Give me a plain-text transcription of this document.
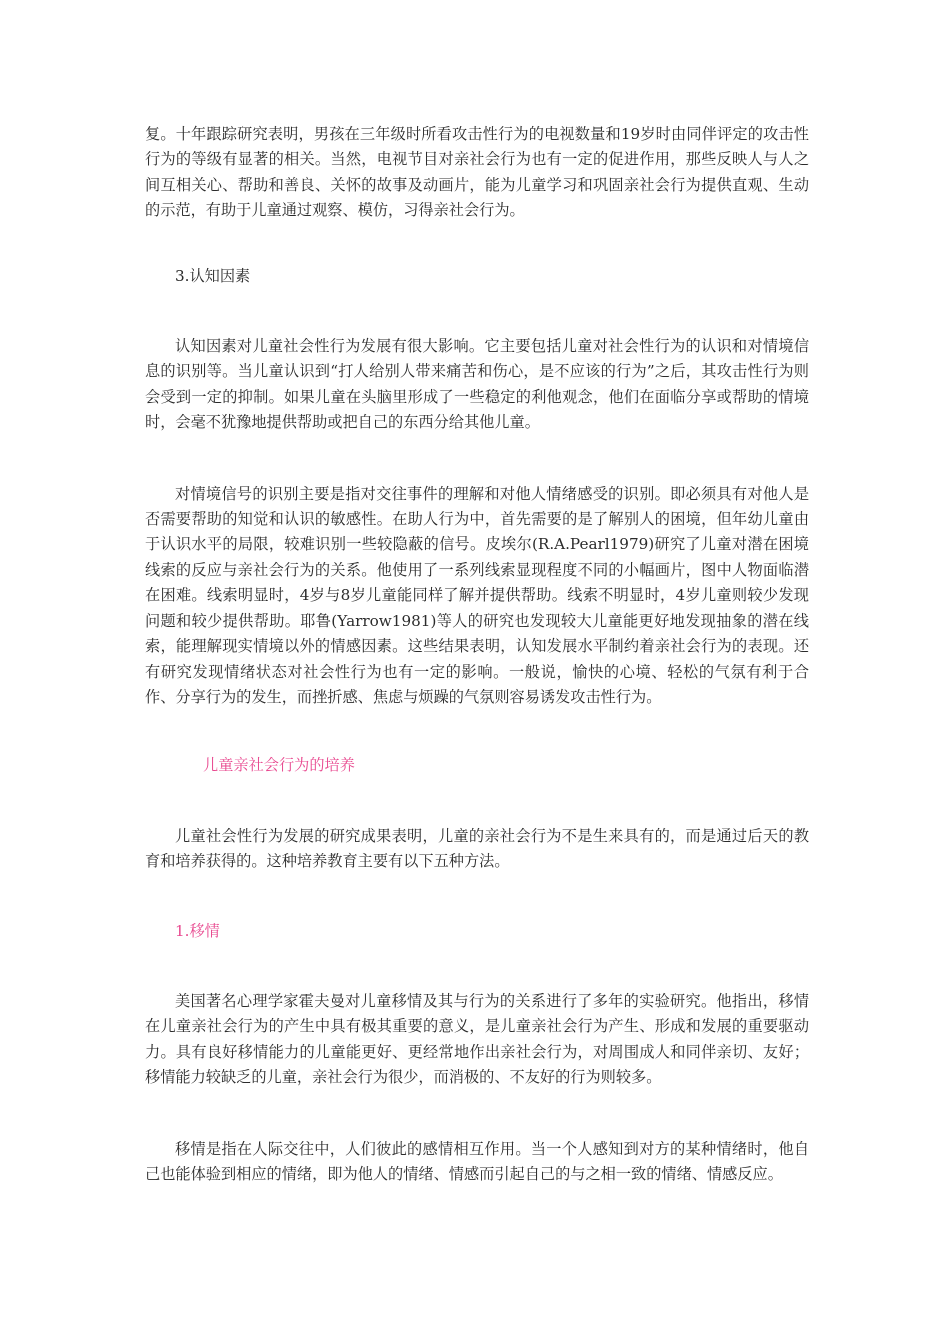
复。十年跟踪研究表明，男孩在三年级时所看攻击性行为的电视数量和19岁时由同伴评定的攻击性行为的等级有显著的相关。当然，电视节目对亲社会行为也有一定的促进作用，那些反映人与人之间互相关心、帮助和善良、关怀的故事及动画片，能为儿童学习和巩固亲社会行为提供直观、生动的示范，有助于儿童通过观察、模仿，习得亲社会行为。

3.认知因素

认知因素对儿童社会性行为发展有很大影响。它主要包括儿童对社会性行为的认识和对情境信息的识别等。当儿童认识到“打人给别人带来痛苦和伤心，是不应该的行为”之后，其攻击性行为则会受到一定的抑制。如果儿童在头脑里形成了一些稳定的利他观念，他们在面临分享或帮助的情境时，会毫不犹豫地提供帮助或把自己的东西分给其他儿童。

对情境信号的识别主要是指对交往事件的理解和对他人情绪感受的识别。即必须具有对他人是否需要帮助的知觉和认识的敏感性。在助人行为中，首先需要的是了解别人的困境，但年幼儿童由于认识水平的局限，较难识别一些较隐蔽的信号。皮埃尔(R.A.Pearl1979)研究了儿童对潜在困境线索的反应与亲社会行为的关系。他使用了一系列线索显现程度不同的小幅画片，图中人物面临潜在困难。线索明显时，4岁与8岁儿童能同样了解并提供帮助。线索不明显时，4岁儿童则较少发现问题和较少提供帮助。耶鲁(Yarrow1981)等人的研究也发现较大儿童能更好地发现抽象的潜在线索，能理解现实情境以外的情感因素。这些结果表明，认知发展水平制约着亲社会行为的表现。还有研究发现情绪状态对社会性行为也有一定的影响。一般说，愉快的心境、轻松的气氛有利于合作、分享行为的发生，而挫折感、焦虑与烦躁的气氛则容易诱发攻击性行为。

儿童亲社会行为的培养

儿童社会性行为发展的研究成果表明，儿童的亲社会行为不是生来具有的，而是通过后天的教育和培养获得的。这种培养教育主要有以下五种方法。

1.移情

美国著名心理学家霍夫曼对儿童移情及其与行为的关系进行了多年的实验研究。他指出，移情在儿童亲社会行为的产生中具有极其重要的意义，是儿童亲社会行为产生、形成和发展的重要驱动力。具有良好移情能力的儿童能更好、更经常地作出亲社会行为，对周围成人和同伴亲切、友好；移情能力较缺乏的儿童，亲社会行为很少，而消极的、不友好的行为则较多。

移情是指在人际交往中，人们彼此的感情相互作用。当一个人感知到对方的某种情绪时，他自己也能体验到相应的情绪，即为他人的情绪、情感而引起自己的与之相一致的情绪、情感反应。
